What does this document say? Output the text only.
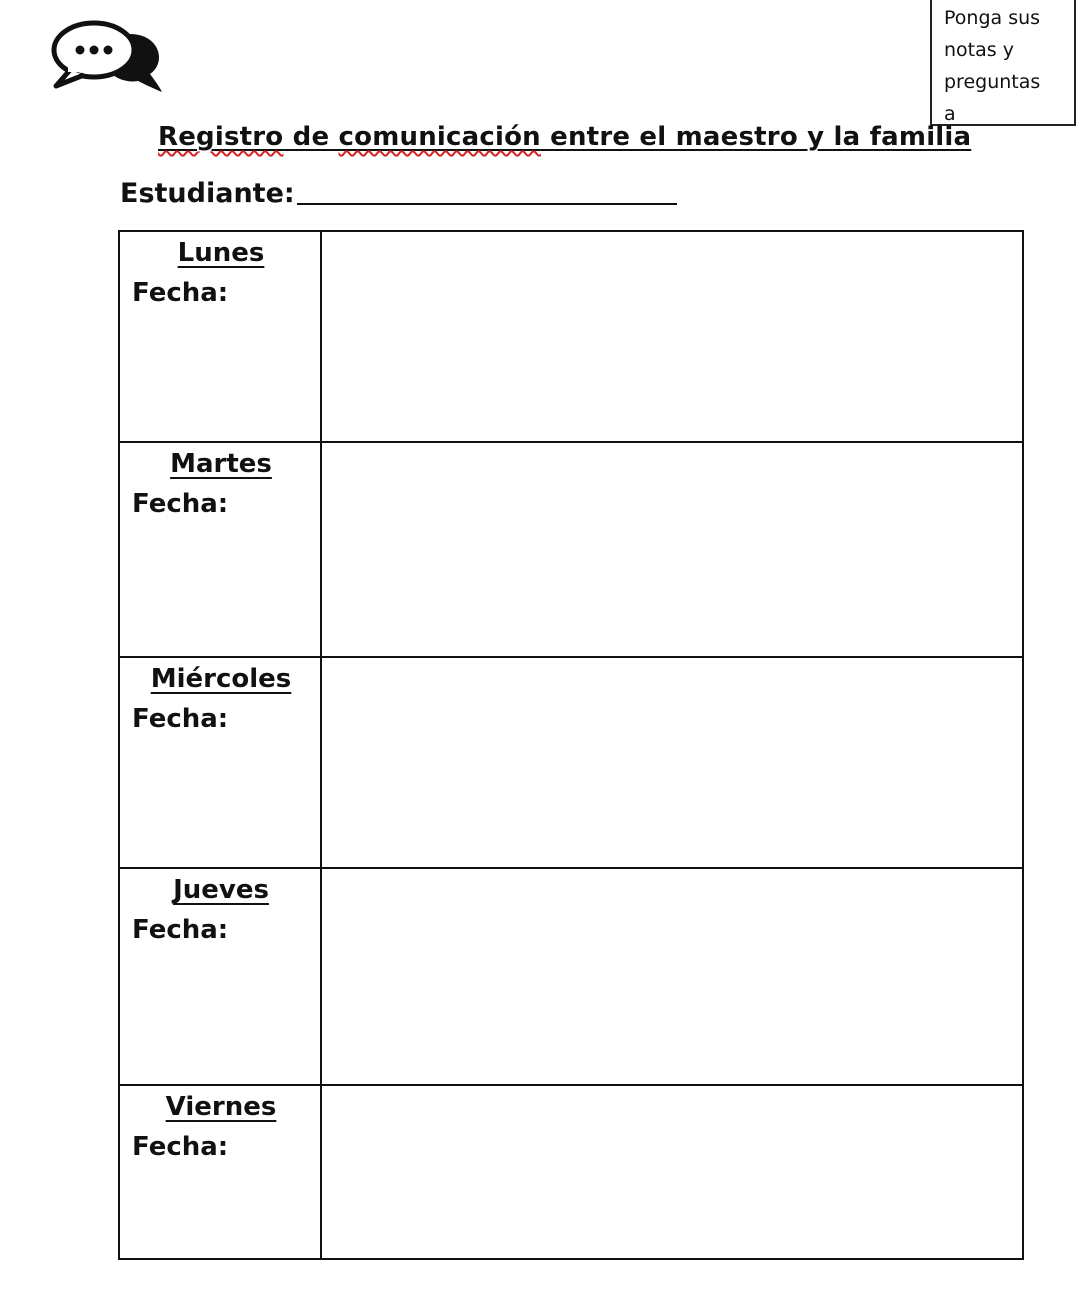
Ponga sus
notas y
preguntas
a
Registro de comunicación entre el maestro y la familia
Estudiante:
Lunes
Fecha:
Martes
Fecha:
Miércoles
Fecha:
Jueves
Fecha:
Viernes
Fecha:
